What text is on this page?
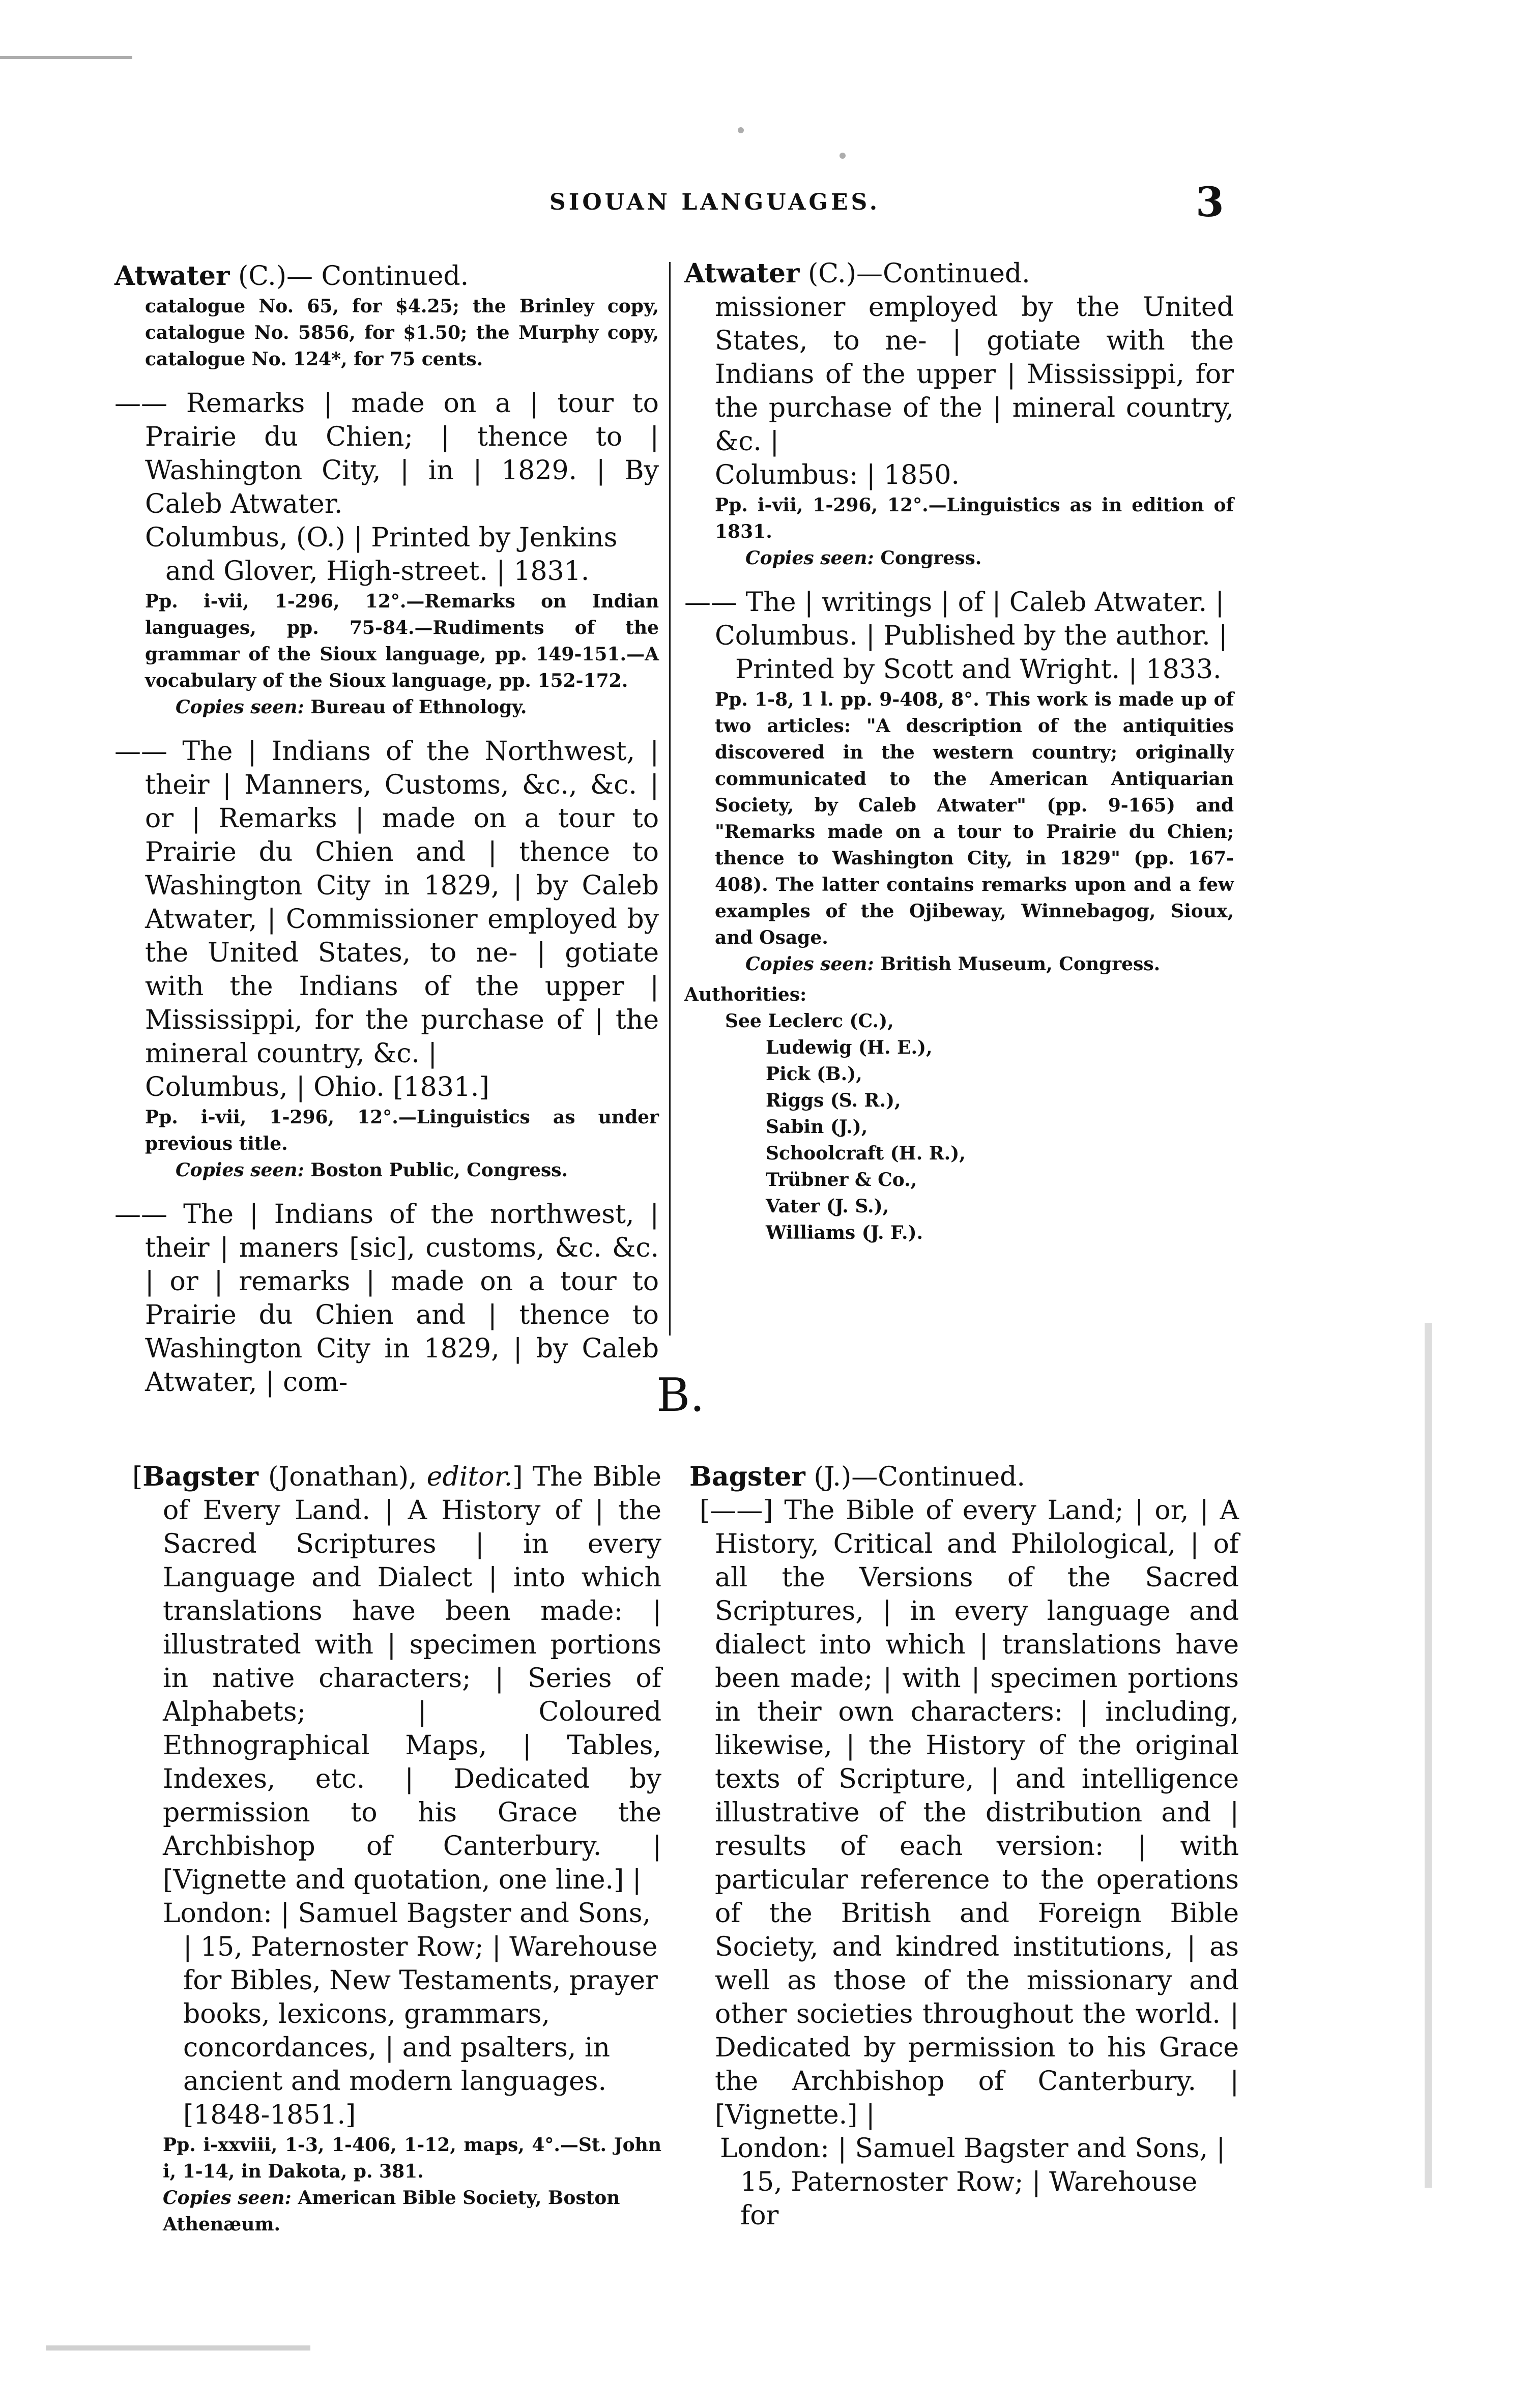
SIOUAN LANGUAGES.	3
Atwater (C.)— Continued.
catalogue No. 65, for $4.25; the Brinley copy, catalogue No. 5856, for $1.50; the Murphy copy, catalogue No. 124*, for 75 cents.
—— Remarks | made on a | tour to Prairie du Chien; | thence to | Washington City, | in | 1829. | By Caleb Atwater.
Columbus, (O.) | Printed by Jenkins and Glover, High-street. | 1831.
Pp. i-vii, 1-296, 12°.—Remarks on Indian languages, pp. 75-84.—Rudiments of the grammar of the Sioux language, pp. 149-151.—A vocabulary of the Sioux language, pp. 152-172.
Copies seen: Bureau of Ethnology.
—— The | Indians of the Northwest, | their | Manners, Customs, &c., &c. | or | Remarks | made on a tour to Prairie du Chien and | thence to Washington City in 1829, | by Caleb Atwater, | Commissioner employed by the United States, to ne- | gotiate with the Indians of the upper | Mississippi, for the purchase of | the mineral country, &c. |
Columbus, | Ohio. [1831.]
Pp. i-vii, 1-296, 12°.—Linguistics as under previous title.
Copies seen: Boston Public, Congress.
—— The | Indians of the northwest, | their | maners [sic], customs, &c. &c. | or | remarks | made on a tour to Prairie du Chien and | thence to Washington City in 1829, | by Caleb Atwater, | com-
Atwater (C.)—Continued.
missioner employed by the United States, to ne- | gotiate with the Indians of the upper | Mississippi, for the purchase of the | mineral country, &c. |
Columbus: | 1850.
Pp. i-vii, 1-296, 12°.—Linguistics as in edition of 1831.
Copies seen: Congress.
—— The | writings | of | Caleb Atwater. |
Columbus. | Published by the author. | Printed by Scott and Wright. | 1833.
Pp. 1-8, 1 l. pp. 9-408, 8°. This work is made up of two articles: "A description of the antiquities discovered in the western country; originally communicated to the American Antiquarian Society, by Caleb Atwater" (pp. 9-165) and "Remarks made on a tour to Prairie du Chien; thence to Washington City, in 1829" (pp. 167-408). The latter contains remarks upon and a few examples of the Ojibeway, Winnebagog, Sioux, and Osage.
Copies seen: British Museum, Congress.
Authorities:
See Leclerc (C.),
Ludewig (H. E.),
Pick (B.),
Riggs (S. R.),
Sabin (J.),
Schoolcraft (H. R.),
Trübner & Co.,
Vater (J. S.),
Williams (J. F.).
B.
[Bagster (Jonathan), editor.] The Bible of Every Land. | A History of | the Sacred Scriptures | in every Language and Dialect | into which translations have been made: | illustrated with | specimen portions in native characters; | Series of Alphabets; | Coloured Ethnographical Maps, | Tables, Indexes, etc. | Dedicated by permission to his Grace the Archbishop of Canterbury. | [Vignette and quotation, one line.] |
London: | Samuel Bagster and Sons, | 15, Paternoster Row; | Warehouse for Bibles, New Testaments, prayer books, lexicons, grammars, concordances, | and psalters, in ancient and modern languages. [1848-1851.]
Pp. i-xxviii, 1-3, 1-406, 1-12, maps, 4°.—St. John i, 1-14, in Dakota, p. 381.
Copies seen: American Bible Society, Boston Athenæum.
Bagster (J.)—Continued.
[——] The Bible of every Land; | or, | A History, Critical and Philological, | of all the Versions of the Sacred Scriptures, | in every language and dialect into which | translations have been made; | with | specimen portions in their own characters: | including, likewise, | the History of the original texts of Scripture, | and intelligence illustrative of the distribution and | results of each version: | with particular reference to the operations of the British and Foreign Bible Society, and kindred institutions, | as well as those of the missionary and other societies throughout the world. | Dedicated by permission to his Grace the Archbishop of Canterbury. | [Vignette.] |
London: | Samuel Bagster and Sons, | 15, Paternoster Row; | Warehouse for
